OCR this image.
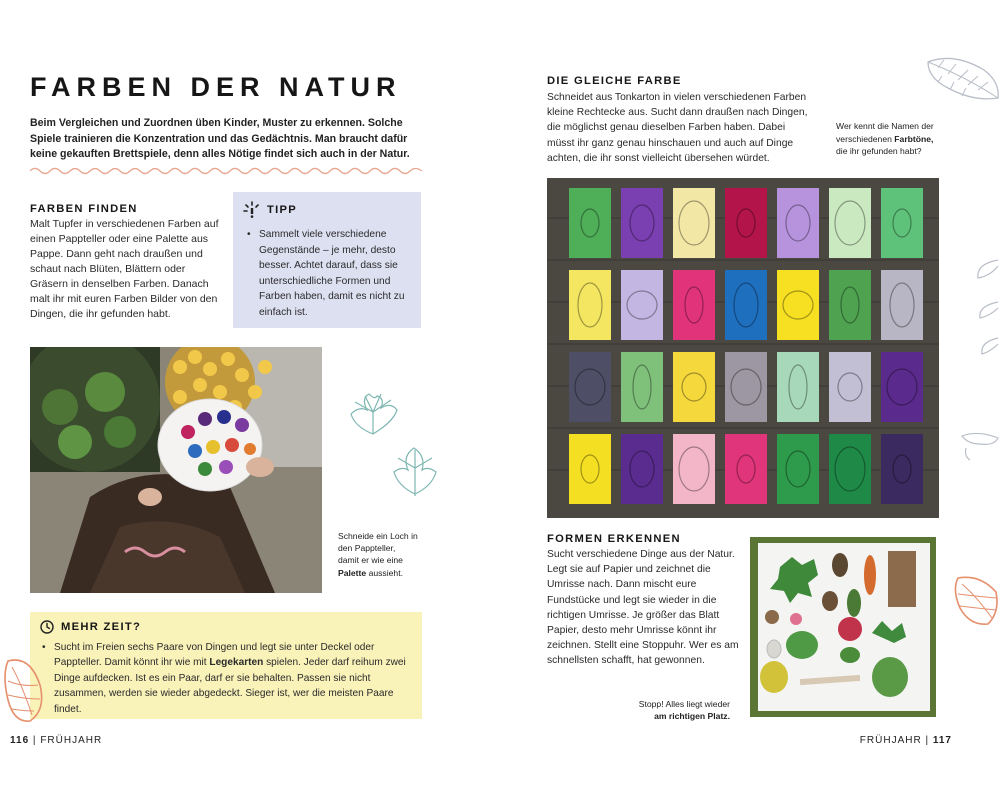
FARBEN DER NATUR

Beim Vergleichen und Zuordnen üben Kinder, Muster zu erkennen. Solche Spiele trainieren die Konzentration und das Gedächtnis. Man braucht dafür keine gekauften Brettspiele, denn alles Nötige findet sich auch in der Natur.

FARBEN FINDEN

Malt Tupfer in verschiedenen Farben auf einen Pappteller oder eine Palette aus Pappe. Dann geht nach draußen und schaut nach Blüten, Blättern oder Gräsern in denselben Farben. Danach malt ihr mit euren Farben Bilder von den Dingen, die ihr gefunden habt.

TIPP
• Sammelt viele verschiedene Gegenstände – je mehr, desto besser. Achtet darauf, dass sie unterschiedliche Formen und Farben haben, damit es nicht zu einfach ist.

Schneide ein Loch in den Pappteller, damit er wie eine Palette aussieht.

MEHR ZEIT?
• Sucht im Freien sechs Paare von Dingen und legt sie unter Deckel oder Pappteller. Damit könnt ihr wie mit Legekarten spielen. Jeder darf reihum zwei Dinge aufdecken. Ist es ein Paar, darf er sie behalten. Passen sie nicht zusammen, werden sie wieder abgedeckt. Sieger ist, wer die meisten Paare findet.
116 | FRÜHJAHR
DIE GLEICHE FARBE

Schneidet aus Tonkarton in vielen verschiedenen Farben kleine Rechtecke aus. Sucht dann draußen nach Dingen, die möglichst genau dieselben Farben haben. Dabei müsst ihr ganz genau hinschauen und auch auf Dinge achten, die ihr sonst vielleicht übersehen würdet.

Wer kennt die Namen der verschiedenen Farbtöne, die ihr gefunden habt?

FORMEN ERKENNEN

Sucht verschiedene Dinge aus der Natur. Legt sie auf Papier und zeichnet die Umrisse nach. Dann mischt eure Fundstücke und legt sie wieder in die richtigen Umrisse. Je größer das Blatt Papier, desto mehr Umrisse könnt ihr zeichnen. Stellt eine Stoppuhr. Wer es am schnellsten schafft, hat gewonnen.

Stopp! Alles liegt wieder
am richtigen Platz.

FRÜHJAHR | 117
